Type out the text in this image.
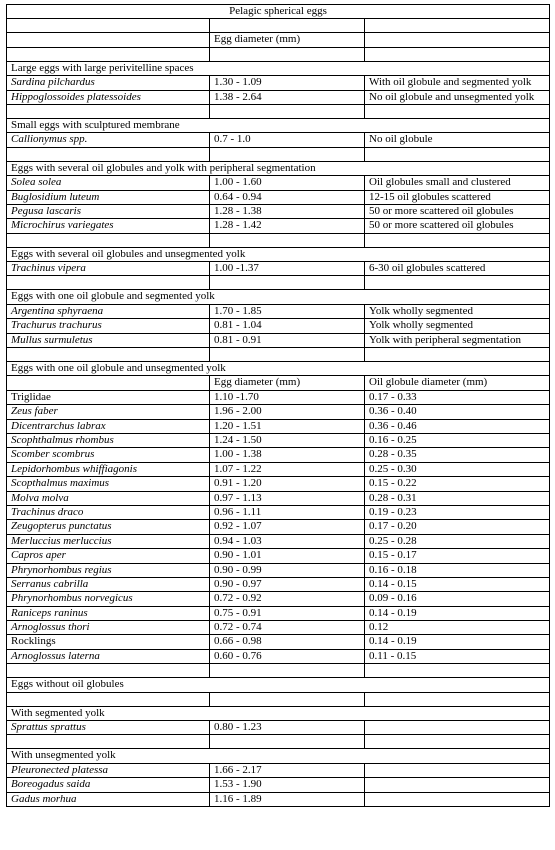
Pelagic spherical eggs		

	Egg diameter (mm)	

Large eggs with large perivitelline spaces		
Sardina pilchardus	1.30 - 1.09	With oil globule and segmented yolk
Hippoglossoides platessoides	1.38 - 2.64	No oil globule and unsegmented yolk

Small eggs with sculptured membrane		
Callionymus spp.	0.7 - 1.0	No oil globule

Eggs with several oil globules and yolk with peripheral segmentation		
Solea solea	1.00 - 1.60	Oil globules small and clustered
Buglosidium luteum	0.64 - 0.94	12-15 oil globules scattered
Pegusa lascaris	1.28 - 1.38	50 or more scattered oil globules
Microchirus variegates	1.28 - 1.42	50 or more scattered oil globules

Eggs with several oil globules and unsegmented yolk		
Trachinus vipera	1.00 -1.37	6-30 oil globules scattered

Eggs with one oil globule and segmented yolk		
Argentina sphyraena	1.70 - 1.85	Yolk wholly segmented
Trachurus trachurus	0.81 - 1.04	Yolk wholly segmented
Mullus surmuletus	0.81 - 0.91	Yolk with peripheral segmentation

Eggs with one oil globule and unsegmented yolk		
	Egg diameter (mm)	Oil globule diameter (mm)
Triglidae	1.10 -1.70	0.17 - 0.33
Zeus faber	1.96 - 2.00	0.36 - 0.40
Dicentrarchus labrax	1.20 - 1.51	0.36 - 0.46
Scophthalmus rhombus	1.24 - 1.50	0.16 - 0.25
Scomber scombrus	1.00 - 1.38	0.28 - 0.35
Lepidorhombus whiffiagonis	1.07 - 1.22	0.25 - 0.30
Scopthalmus maximus	0.91 - 1.20	0.15 - 0.22
Molva molva	0.97 - 1.13	0.28 - 0.31
Trachinus draco	0.96 - 1.11	0.19 - 0.23
Zeugopterus punctatus	0.92 - 1.07	0.17 - 0.20
Merluccius merluccius	0.94 - 1.03	0.25 - 0.28
Capros aper	0.90 - 1.01	0.15 - 0.17
Phrynorhombus regius	0.90 - 0.99	0.16 - 0.18
Serranus cabrilla	0.90 - 0.97	0.14 - 0.15
Phrynorhombus norvegicus	0.72 - 0.92	0.09 - 0.16
Raniceps raninus	0.75 - 0.91	0.14 - 0.19
Arnoglossus thori	0.72 - 0.74	0.12
Rocklings	0.66 - 0.98	0.14 - 0.19
Arnoglossus laterna	0.60 - 0.76	0.11 - 0.15

Eggs without oil globules		

With segmented yolk		
Sprattus sprattus	0.80 - 1.23	

With unsegmented yolk		
Pleuronected platessa	1.66 - 2.17	
Boreogadus saida	1.53 - 1.90	
Gadus morhua	1.16 - 1.89	
